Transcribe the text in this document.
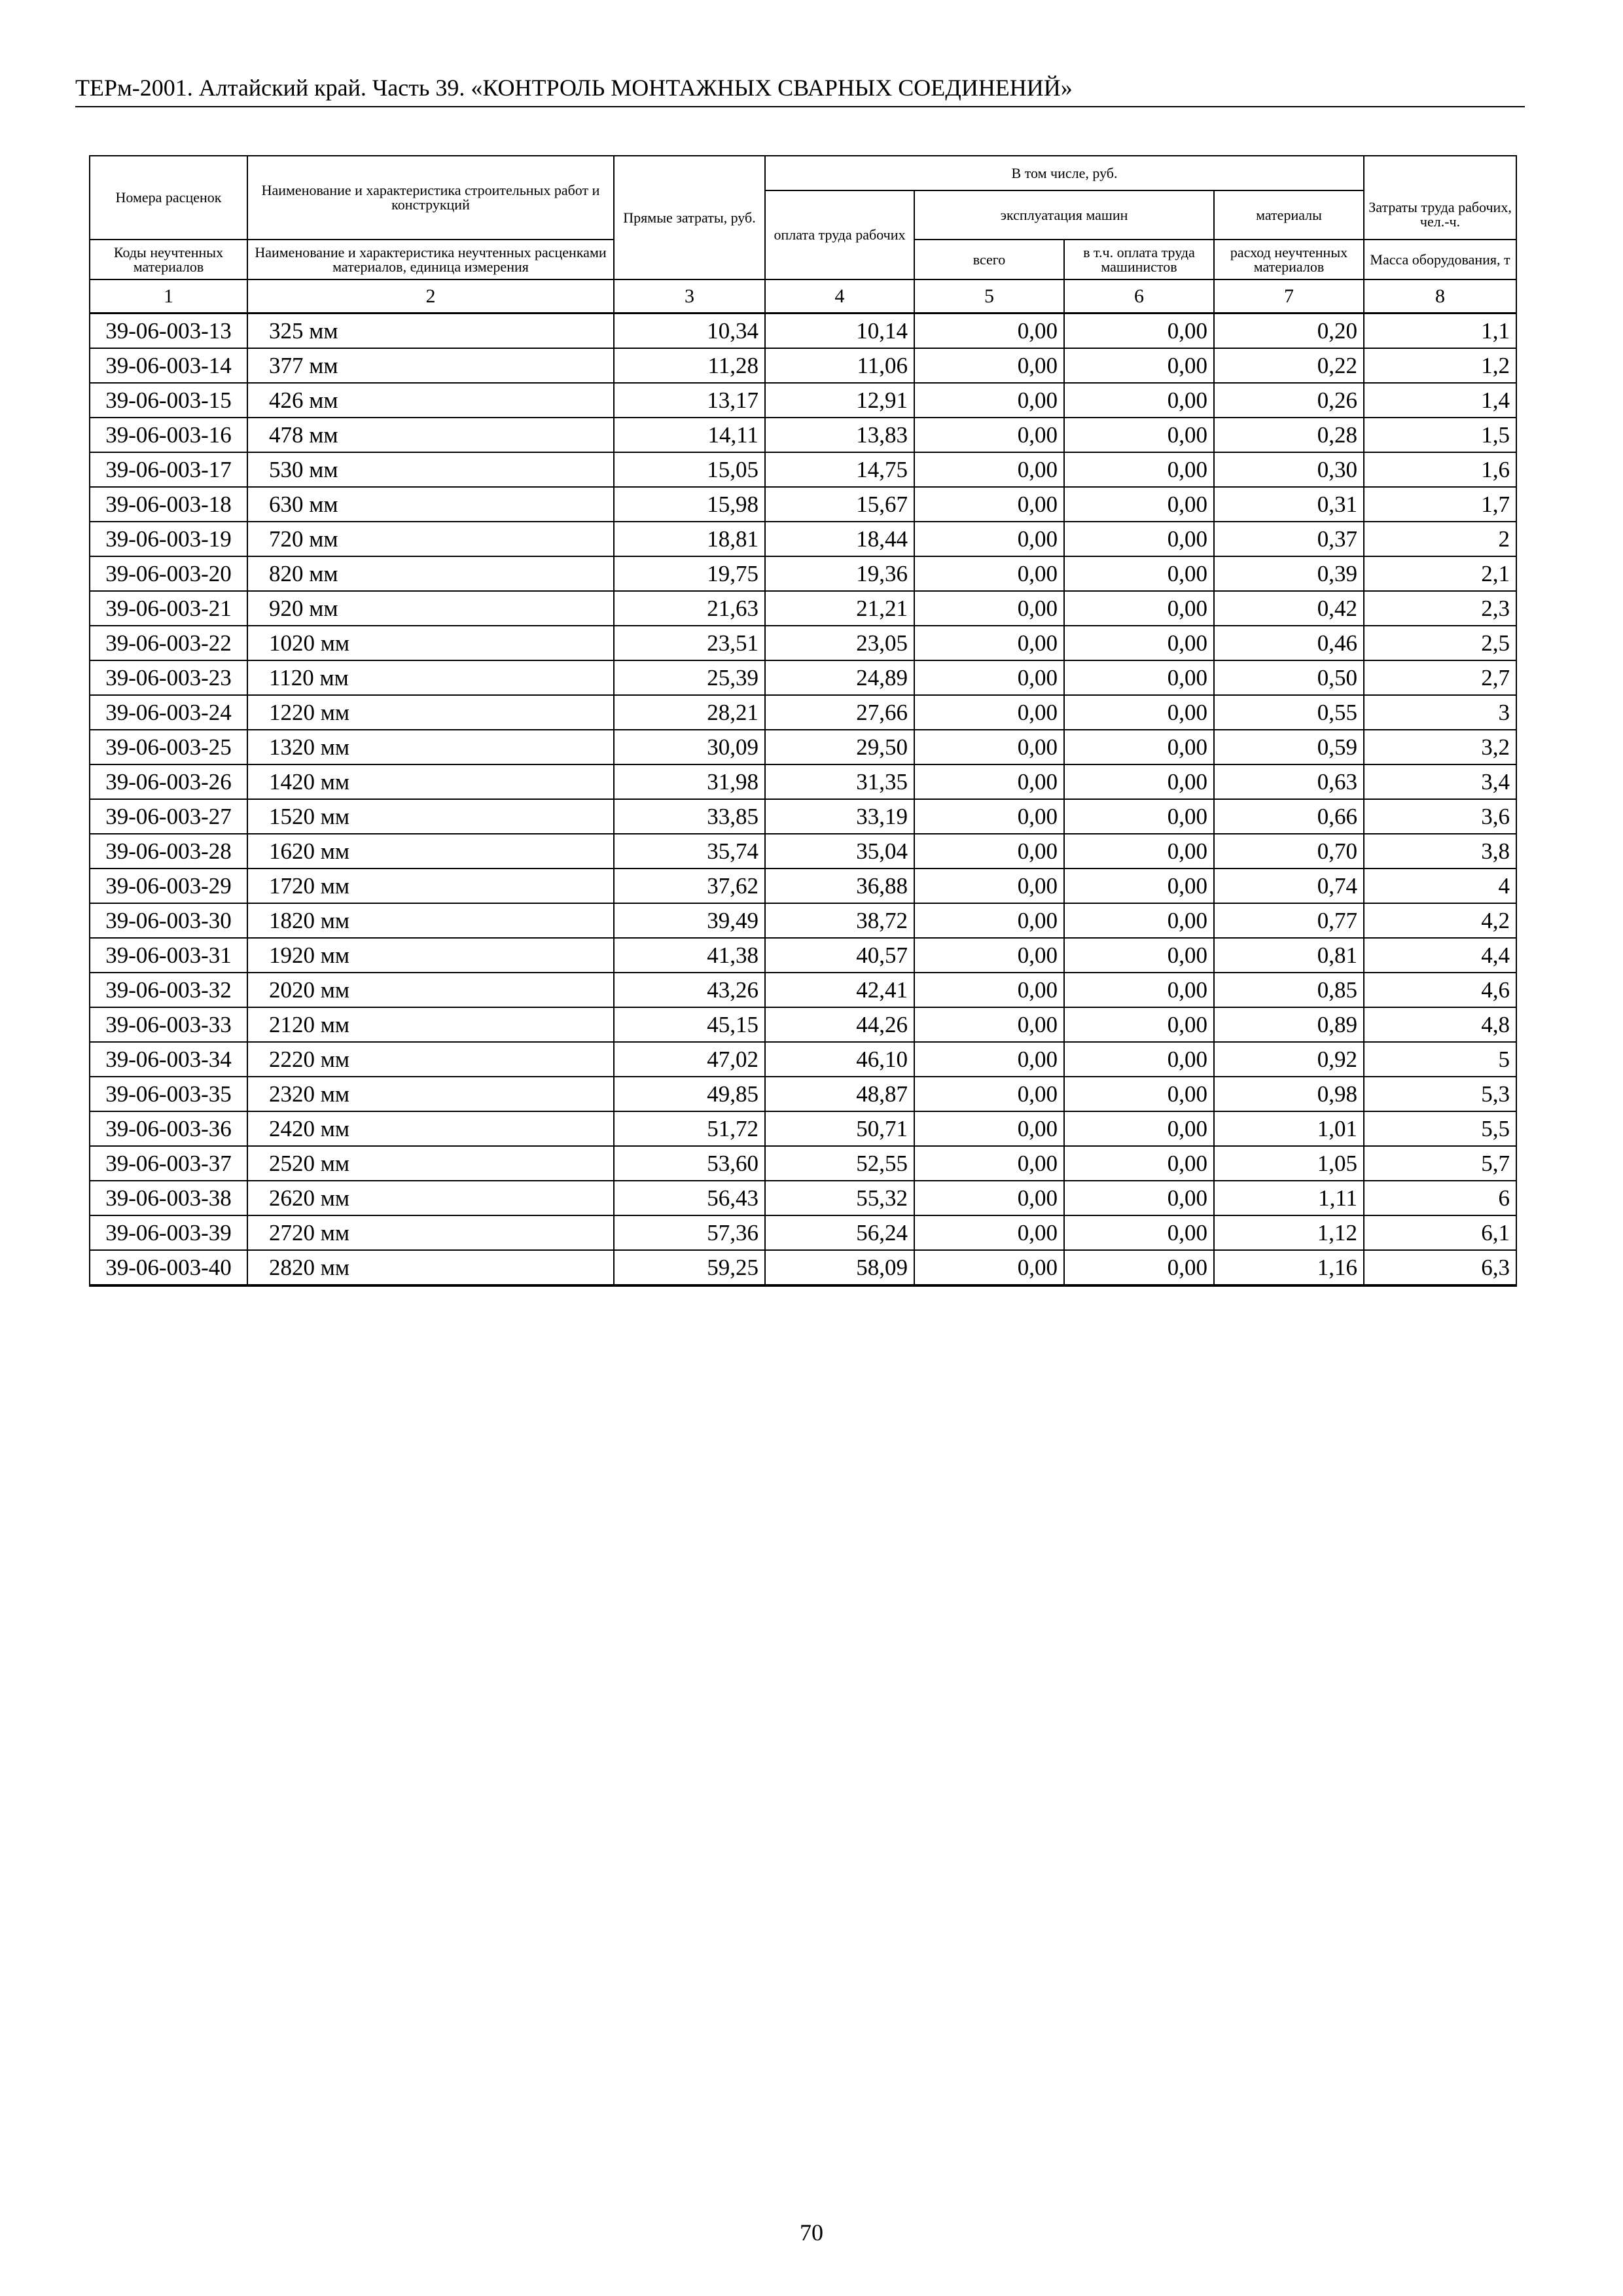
ТЕРм-2001. Алтайский край. Часть 39. «КОНТРОЛЬ МОНТАЖНЫХ СВАРНЫХ СОЕДИНЕНИЙ»
Номера расценок	Наименование и характеристика строительных работ и конструкций	Прямые затраты, руб.	В том числе, руб.				
			оплата труда рабочих	эксплуатация машин		материалы	Затраты труда рабочих, чел.-ч.

Коды неучтенных материалов	Наименование и характеристика неучтенных расценками материалов, единица измерения			всего	в т.ч. оплата труда машинистов	расход неучтенных материалов	Масса оборудования, т

1	2	3	4	5	6	7	8
39-06-003-13	325 мм	10,34	10,14	0,00	0,00	0,20	1,1
39-06-003-14	377 мм	11,28	11,06	0,00	0,00	0,22	1,2
39-06-003-15	426 мм	13,17	12,91	0,00	0,00	0,26	1,4
39-06-003-16	478 мм	14,11	13,83	0,00	0,00	0,28	1,5
39-06-003-17	530 мм	15,05	14,75	0,00	0,00	0,30	1,6
39-06-003-18	630 мм	15,98	15,67	0,00	0,00	0,31	1,7
39-06-003-19	720 мм	18,81	18,44	0,00	0,00	0,37	2
39-06-003-20	820 мм	19,75	19,36	0,00	0,00	0,39	2,1
39-06-003-21	920 мм	21,63	21,21	0,00	0,00	0,42	2,3
39-06-003-22	1020 мм	23,51	23,05	0,00	0,00	0,46	2,5
39-06-003-23	1120 мм	25,39	24,89	0,00	0,00	0,50	2,7
39-06-003-24	1220 мм	28,21	27,66	0,00	0,00	0,55	3
39-06-003-25	1320 мм	30,09	29,50	0,00	0,00	0,59	3,2
39-06-003-26	1420 мм	31,98	31,35	0,00	0,00	0,63	3,4
39-06-003-27	1520 мм	33,85	33,19	0,00	0,00	0,66	3,6
39-06-003-28	1620 мм	35,74	35,04	0,00	0,00	0,70	3,8
39-06-003-29	1720 мм	37,62	36,88	0,00	0,00	0,74	4
39-06-003-30	1820 мм	39,49	38,72	0,00	0,00	0,77	4,2
39-06-003-31	1920 мм	41,38	40,57	0,00	0,00	0,81	4,4
39-06-003-32	2020 мм	43,26	42,41	0,00	0,00	0,85	4,6
39-06-003-33	2120 мм	45,15	44,26	0,00	0,00	0,89	4,8
39-06-003-34	2220 мм	47,02	46,10	0,00	0,00	0,92	5
39-06-003-35	2320 мм	49,85	48,87	0,00	0,00	0,98	5,3
39-06-003-36	2420 мм	51,72	50,71	0,00	0,00	1,01	5,5
39-06-003-37	2520 мм	53,60	52,55	0,00	0,00	1,05	5,7
39-06-003-38	2620 мм	56,43	55,32	0,00	0,00	1,11	6
39-06-003-39	2720 мм	57,36	56,24	0,00	0,00	1,12	6,1
39-06-003-40	2820 мм	59,25	58,09	0,00	0,00	1,16	6,3
70
